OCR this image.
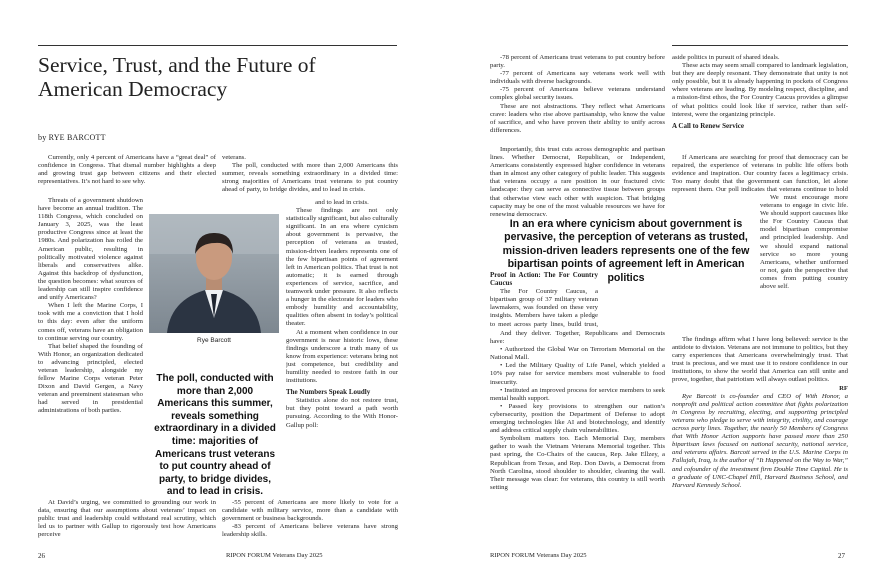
Service, Trust, and the Future of American Democracy
by RYE BARCOTT

Currently, only 4 percent of Americans have a “great deal” of confidence in Congress. That dismal number highlights a deep and growing trust gap between citizens and their elected representatives. It’s not hard to see why.

Threats of a government shutdown have become an annual tradition. The 118th Congress, which concluded on January 3, 2025, was the least productive Congress since at least the 1980s. And polarization has roiled the American public, resulting in politically motivated violence against liberals and conservatives alike. Against this backdrop of dysfunction, the question becomes: what sources of leadership can still inspire confidence and unify Americans?

When I left the Marine Corps, I took with me a conviction that I hold to this day: even after the uniform comes off, veterans have an obligation to continue serving our country.

That belief shaped the founding of With Honor, an organization dedicated to advancing principled, elected veteran leadership, alongside my fellow Marine Corps veteran Peter Dixon and David Gergen, a Navy veteran and preeminent statesman who had served in presidential administrations of both parties.

At David’s urging, we committed to grounding our work in data, ensuring that our assumptions about veterans’ impact on public trust and leadership could withstand real scrutiny, which led us to partner with Gallup to rigorously test how Americans perceive

Rye Barcott
The poll, conducted with more than 2,000 Americans this summer, reveals something extraordinary in a divided time: majorities of Americans trust veterans to put country ahead of party, to bridge divides, and to lead in crisis.

veterans.

The poll, conducted with more than 2,000 Americans this summer, reveals something extraordinary in a divided time: strong majorities of Americans trust veterans to put country ahead of party, to bridge divides, and to lead in crisis.

and to lead in crisis.

These findings are not only statistically significant, but also culturally significant. In an era where cynicism about government is pervasive, the perception of veterans as trusted, mission-driven leaders represents one of the few bipartisan points of agreement left in American politics. That trust is not automatic; it is earned through experiences of service, sacrifice, and teamwork under pressure. It also reflects a hunger in the electorate for leaders who embody humility and accountability, qualities often absent in today’s political theater.

At a moment when confidence in our government is near historic lows, these findings underscore a truth many of us know from experience: veterans bring not just competence, but credibility and humility needed to restore faith in our institutions.

The Numbers Speak Loudly

Statistics alone do not restore trust, but they point toward a path worth pursuing. According to the With Honor-Gallup poll:

-55 percent of Americans are more likely to vote for a candidate with military service, more than a candidate with government or business backgrounds.

-83 percent of Americans believe veterans have strong leadership skills.

-78 percent of Americans trust veterans to put country before party.

-77 percent of Americans say veterans work well with individuals with diverse backgrounds.

-75 percent of Americans believe veterans understand complex global security issues.

These are not abstractions. They reflect what Americans crave: leaders who rise above partisanship, who know the value of sacrifice, and who have proven their ability to unify across differences.

Importantly, this trust cuts across demographic and partisan lines. Whether Democrat, Republican, or Independent, Americans consistently expressed higher confidence in veterans than in almost any other category of public leader. This suggests that veterans occupy a rare position in our fractured civic landscape: they can serve as connective tissue between groups that otherwise view each other with suspicion. That bridging capacity may be one of the most valuable resources we have for renewing democracy.

Proof in Action: The For Country Caucus

The For Country Caucus, a bipartisan group of 37 military veteran lawmakers, was founded on these very insights. Members have taken a pledge to meet across party lines, build trust,

And they deliver. Together, Republicans and Democrats have:

• Authorized the Global War on Terrorism Memorial on the National Mall.

• Led the Military Quality of Life Panel, which yielded a 10% pay raise for service members most vulnerable to food insecurity.

• Instituted an improved process for service members to seek mental health support.

• Passed key provisions to strengthen our nation’s cybersecurity, position the Department of Defense to adopt emerging technologies like AI and biotechnology, and identify and address critical supply chain vulnerabilities.

Symbolism matters too. Each Memorial Day, members gather to wash the Vietnam Veterans Memorial together. This past spring, the Co-Chairs of the caucus, Rep. Jake Ellzey, a Republican from Texas, and Rep. Don Davis, a Democrat from North Carolina, stood shoulder to shoulder, cleaning the wall. Their message was clear: for veterans, this country is still worth setting

In an era where cynicism about government is pervasive, the perception of veterans as trusted, mission-driven leaders represents one of the few bipartisan points of agreement left in American politics

aside politics in pursuit of shared ideals.

These acts may seem small compared to landmark legislation, but they are deeply resonant. They demonstrate that unity is not only possible, but it is already happening in pockets of Congress where veterans are leading. By modeling respect, discipline, and a mission-first ethos, the For Country Caucus provides a glimpse of what politics could look like if service, rather than self-interest, were the organizing principle.

A Call to Renew Service

If Americans are searching for proof that democracy can be repaired, the experience of veterans in public life offers both evidence and inspiration. Our country faces a legitimacy crisis. Too many doubt that the government can function, let alone represent them. Our poll indicates that veterans continue to hold

We must encourage more veterans to engage in civic life. We should support caucuses like the For Country Caucus that model bipartisan compromise and principled leadership. And we should expand national service so more young Americans, whether uniformed or not, gain the perspective that comes from putting country above self.

The findings affirm what I have long believed: service is the antidote to division. Veterans are not immune to politics, but they carry experiences that Americans overwhelmingly trust. That trust is precious, and we must use it to restore confidence in our institutions, to show the world that America can still unite and prove, together, that patriotism will always outlast politics.

RF

Rye Barcott is co-founder and CEO of With Honor, a nonprofit and political action committee that fights polarization in Congress by recruiting, electing, and supporting principled veterans who pledge to serve with integrity, civility, and courage across party lines. Together, the nearly 50 Members of Congress that With Honor Action supports have passed more than 250 bipartisan laws focused on national security, national service, and veterans affairs. Barcott served in the U.S. Marine Corps in Fallujah, Iraq, is the author of “It Happened on the Way to War,” and cofounder of the investment firm Double Time Capital. He is a graduate of UNC-Chapel Hill, Harvard Business School, and Harvard Kennedy School.

26	RIPON FORUM Veterans Day 2025	RIPON FORUM Veterans Day 2025	27
